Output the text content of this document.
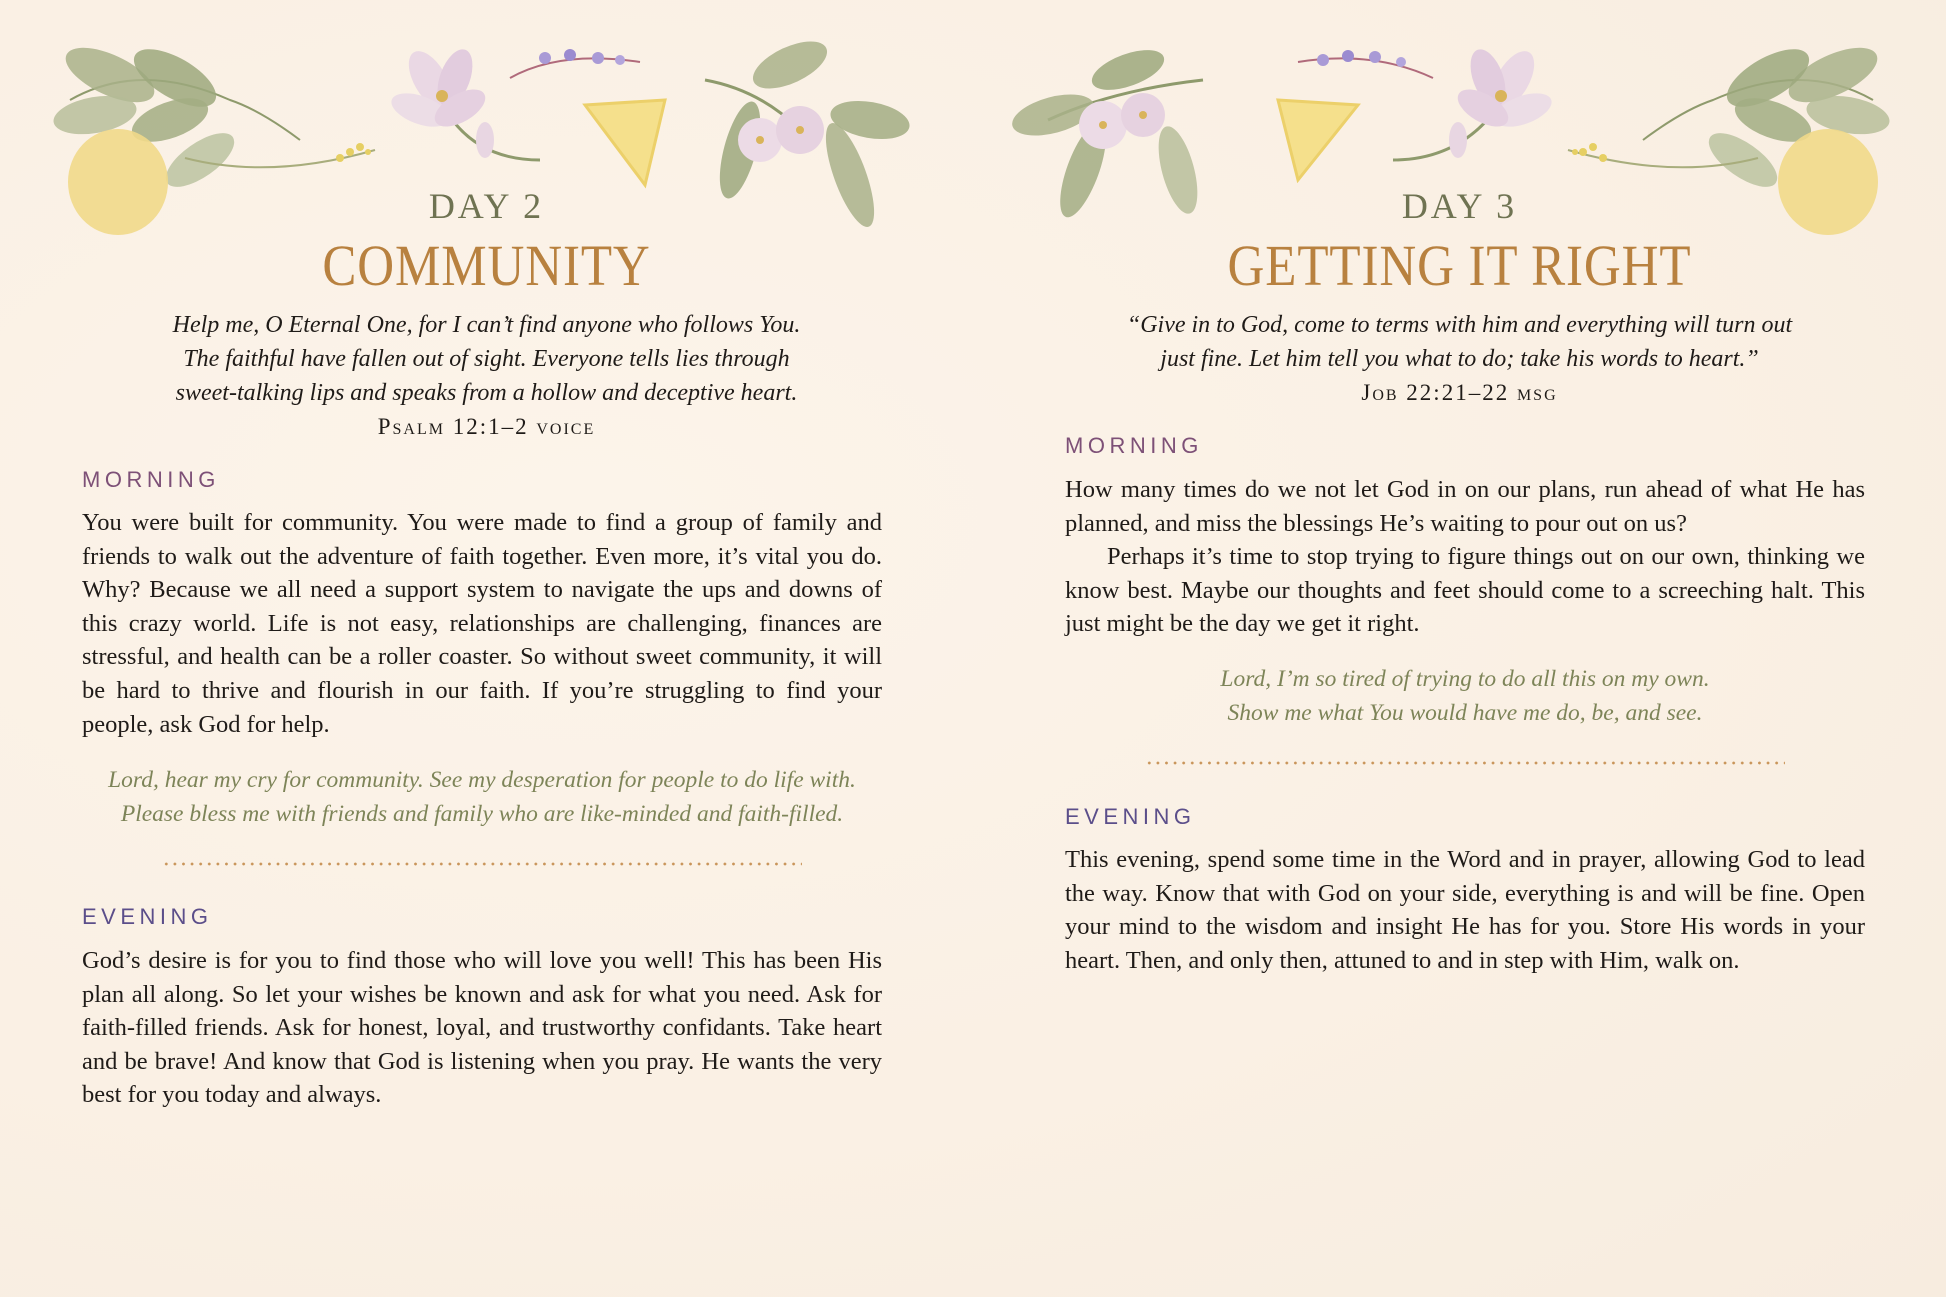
DAY 2
COMMUNITY
Help me, O Eternal One, for I can’t find anyone who follows You.
The faithful have fallen out of sight. Everyone tells lies through
sweet-talking lips and speaks from a hollow and deceptive heart.
Psalm 12:1–2 voice
MORNING

You were built for community. You were made to find a group of family and friends to walk out the adventure of faith together. Even more, it’s vital you do. Why? Because we all need a support system to navigate the ups and downs of this crazy world. Life is not easy, relationships are challenging, finances are stressful, and health can be a roller coaster. So without sweet community, it will be hard to thrive and flourish in our faith. If you’re struggling to find your people, ask God for help.

Lord, hear my cry for community. See my desperation for people to do life with.
Please bless me with friends and family who are like-minded and faith-filled.
EVENING

God’s desire is for you to find those who will love you well! This has been His plan all along. So let your wishes be known and ask for what you need. Ask for faith-filled friends. Ask for honest, loyal, and trustworthy confidants. Take heart and be brave! And know that God is listening when you pray. He wants the very best for you today and always.

DAY 3
GETTING IT RIGHT
“Give in to God, come to terms with him and everything will turn out
just fine. Let him tell you what to do; take his words to heart.”
Job 22:21–22 msg
MORNING

How many times do we not let God in on our plans, run ahead of what He has planned, and miss the blessings He’s waiting to pour out on us?

Perhaps it’s time to stop trying to figure things out on our own, thinking we know best. Maybe our thoughts and feet should come to a screeching halt. This just might be the day we get it right.

Lord, I’m so tired of trying to do all this on my own.
Show me what You would have me do, be, and see.
EVENING

This evening, spend some time in the Word and in prayer, allowing God to lead the way. Know that with God on your side, everything is and will be fine. Open your mind to the wisdom and insight He has for you. Store His words in your heart. Then, and only then, attuned to and in step with Him, walk on.
